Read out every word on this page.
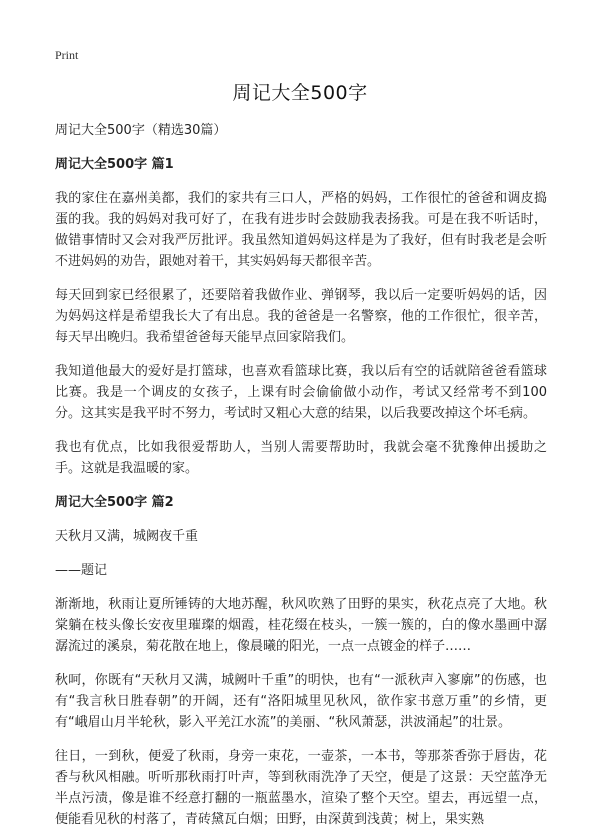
Print
周记大全500字

周记大全500字（精选30篇）

周记大全500字 篇1

我的家住在嘉州美都，我们的家共有三口人，严格的妈妈，工作很忙的爸爸和调皮捣蛋的我。我的妈妈对我可好了，在我有进步时会鼓励我表扬我。可是在我不听话时，做错事情时又会对我严厉批评。我虽然知道妈妈这样是为了我好，但有时我老是会听不进妈妈的劝告，跟她对着干，其实妈妈每天都很辛苦。

每天回到家已经很累了，还要陪着我做作业、弹钢琴，我以后一定要听妈妈的话，因为妈妈这样是希望我长大了有出息。我的爸爸是一名警察，他的工作很忙，很辛苦，每天早出晚归。我希望爸爸每天能早点回家陪我们。

我知道他最大的爱好是打篮球，也喜欢看篮球比赛，我以后有空的话就陪爸爸看篮球比赛。我是一个调皮的女孩子，上课有时会偷偷做小动作，考试又经常考不到100分。这其实是我平时不努力，考试时又粗心大意的结果，以后我要改掉这个坏毛病。

我也有优点，比如我很爱帮助人，当别人需要帮助时，我就会毫不犹豫伸出援助之手。这就是我温暖的家。

周记大全500字 篇2

天秋月又满，城阙夜千重

——题记

渐渐地，秋雨让夏所锤铸的大地苏醒，秋风吹熟了田野的果实，秋花点亮了大地。秋棠躺在枝头像长安夜里璀璨的烟霞，桂花缀在枝头，一簇一簇的，白的像水墨画中潺潺流过的溪泉，菊花散在地上，像晨曦的阳光，一点一点镀金的样子……

秋呵，你既有“天秋月又满，城阙叶千重”的明快，也有“一派秋声入寥廓”的伤感，也有“我言秋日胜春朝”的开阔，还有“洛阳城里见秋风，欲作家书意万重”的乡情，更有“峨眉山月半轮秋，影入平羌江水流”的美丽、“秋风萧瑟，洪波涌起”的壮景。

往日，一到秋，便爱了秋雨，身旁一束花，一壶茶，一本书，等那茶香弥于唇齿，花香与秋风相融。听听那秋雨打叶声，等到秋雨洗净了天空，便是了这景：天空蓝净无半点污渍，像是谁不经意打翻的一瓶蓝墨水，渲染了整个天空。望去，再远望一点，便能看见秋的村落了，青砖黛瓦白烟；田野，由深黄到浅黄；树上，果实熟
